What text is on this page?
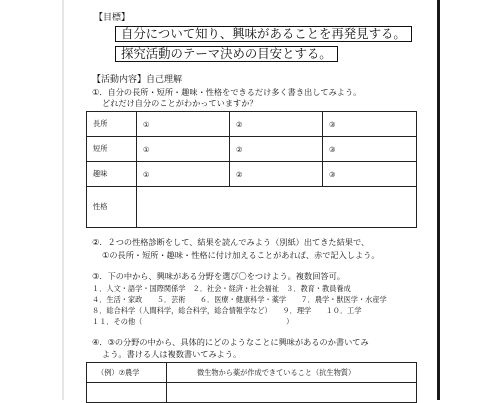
【目標】
自分について知り、興味があることを再発見する。
探究活動のテーマ決めの目安とする。
【活動内容】自己理解
①．自分の長所・短所・趣味・性格をできるだけ多く書き出してみよう。
どれだけ自分のことがわかっていますか？
長所	①	②	③
短所	①	②	③
趣味	①	②	③
性格			
②．２つの性格診断をして、結果を読んでみよう（別紙）出てきた結果で、
①の長所・短所・趣味・性格に付け加えることがあれば、赤で記入しよう。
③．下の中から、興味がある分野を選び〇をつけよう。複数回答可。
１．人文・語学・国際関係学　２．社会・経済・社会福祉　３．教育・教員養成
４．生活・家政　　５．芸術　　６．医療・健康科学・薬学　　７．農学・獣医学・水産学
８．総合科学（人間科学，総合科学，総合情報学など）　　９．理学　　１０．工学
１１．その他（　　　　　　　　　　　　　　　　　　　　）
④．③の分野の中から、具体的にどのようなことに興味があるのか書いてみ
よう。書ける人は複数書いてみよう。
（例）⑦農学	微生物から薬が作成できていること（抗生物質）
